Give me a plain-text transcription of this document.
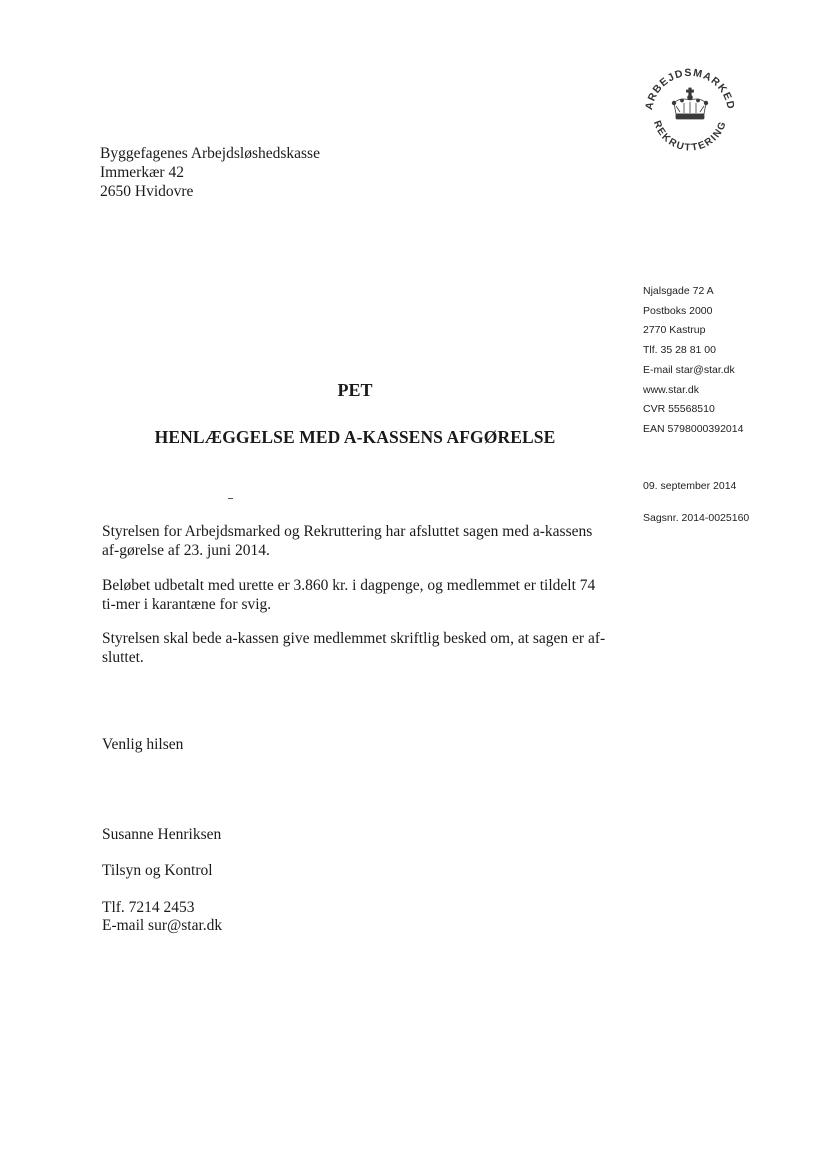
ARBEJDSMARKED
REKRUTTERING
Byggefagenes Arbejdsløshedskasse
Immerkær 42
2650 Hvidovre
Njalsgade 72 A
Postboks 2000
2770 Kastrup
Tlf. 35 28 81 00
E-mail star@star.dk
www.star.dk
CVR 55568510
EAN 5798000392014
09. september 2014
Sagsnr. 2014-0025160
PET
HENLÆGGELSE MED A-KASSENS AFGØRELSE
Styrelsen for Arbejdsmarked og Rekruttering har afsluttet sagen med a-kassens af-gørelse af 23. juni 2014.
Beløbet udbetalt med urette er 3.860 kr. i dagpenge, og medlemmet er tildelt 74 ti-mer i karantæne for svig.
Styrelsen skal bede a-kassen give medlemmet skriftlig besked om, at sagen er af-sluttet.
Venlig hilsen
Susanne Henriksen
Tilsyn og Kontrol
Tlf. 7214 2453
E-mail sur@star.dk
